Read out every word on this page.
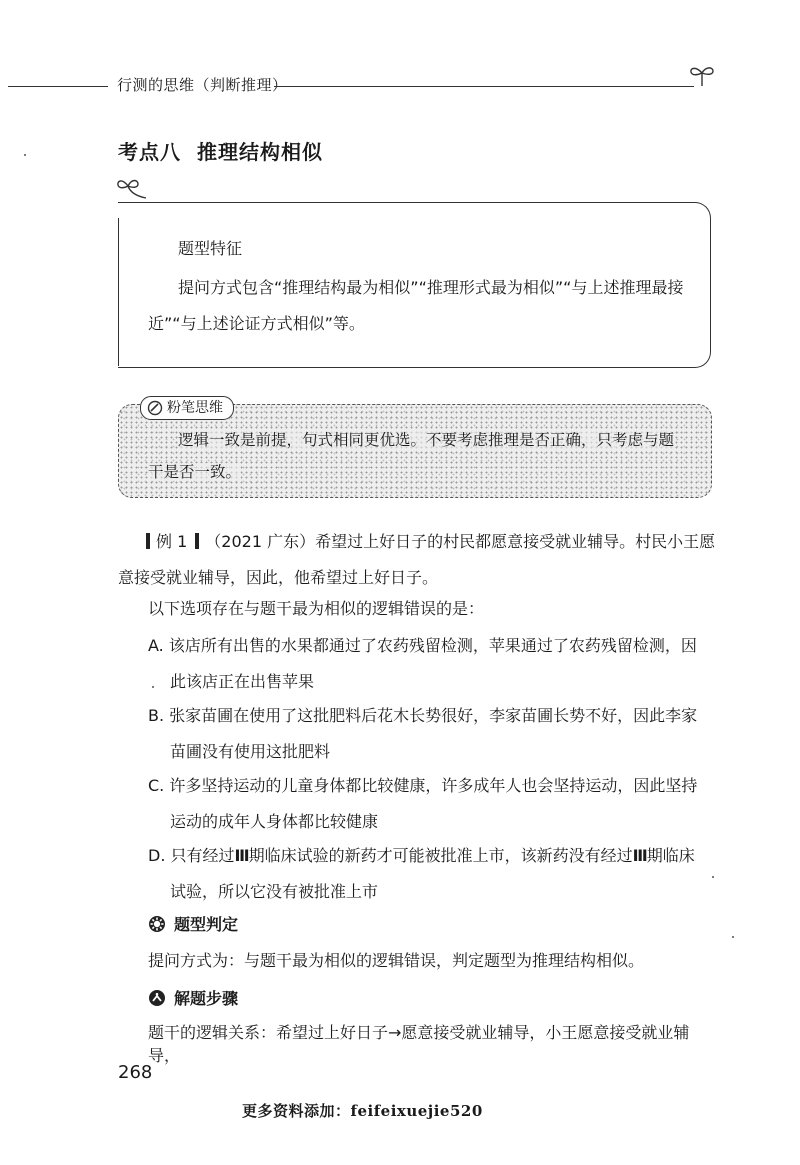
行测的思维（判断推理）
考点八 推理结构相似
题型特征
提问方式包含“推理结构最为相似”“推理形式最为相似”“与上述推理最接近”“与上述论证方式相似”等。
粉笔思维
逻辑一致是前提，句式相同更优选。不要考虑推理是否正确，只考虑与题干是否一致。
例 1 （2021 广东）希望过上好日子的村民都愿意接受就业辅导。村民小王愿意接受就业辅导，因此，他希望过上好日子。
以下选项存在与题干最为相似的逻辑错误的是：
A. 该店所有出售的水果都通过了农药残留检测，苹果通过了农药残留检测，因
此该店正在出售苹果
B. 张家苗圃在使用了这批肥料后花木长势很好，李家苗圃长势不好，因此李家
苗圃没有使用这批肥料
C. 许多坚持运动的儿童身体都比较健康，许多成年人也会坚持运动，因此坚持
运动的成年人身体都比较健康
D. 只有经过Ⅲ期临床试验的新药才可能被批准上市，该新药没有经过Ⅲ期临床
试验，所以它没有被批准上市
题型判定
提问方式为：与题干最为相似的逻辑错误，判定题型为推理结构相似。
解题步骤
题干的逻辑关系：希望过上好日子→愿意接受就业辅导，小王愿意接受就业辅导，
268
更多资料添加：feifeixuejie520
